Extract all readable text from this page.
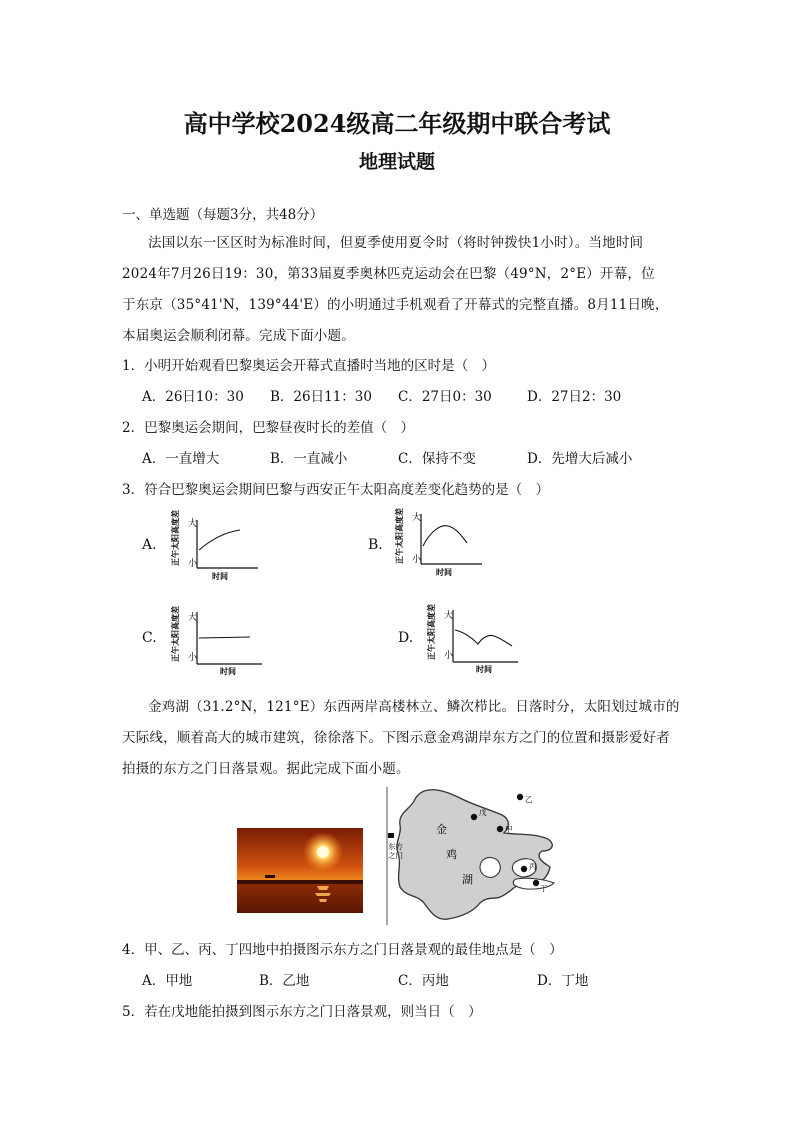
高中学校2024级高二年级期中联合考试
地理试题
一、单选题（每题3分，共48分）
法国以东一区区时为标准时间，但夏季使用夏令时（将时钟拨快1小时）。当地时间
2024年7月26日19：30，第33届夏季奥林匹克运动会在巴黎（49°N，2°E）开幕，位
于东京（35°41'N，139°44'E）的小明通过手机观看了开幕式的完整直播。8月11日晚，
本届奥运会顺利闭幕。完成下面小题。
1．小明开始观看巴黎奥运会开幕式直播时当地的区时是（　）
A．26日10：30 B．26日11：30 C．27日0：30	D．27日2：30
2．巴黎奥运会期间，巴黎昼夜时长的差值（　）
A．一直增大	B．一直减小	C．保持不变	D．先增大后减小
3．符合巴黎奥运会期间巴黎与西安正午太阳高度差变化趋势的是（　）
A.	B.
C.	D.
正午太阳高度差 大
小
时间
正午太阳高度差 大
小
时间
正午太阳高度差 大
小
时间
正午太阳高度差 大
小
时间
金鸡湖（31.2°N，121°E）东西两岸高楼林立、鳞次栉比。日落时分，太阳划过城市的
天际线，顺着高大的城市建筑，徐徐落下。下图示意金鸡湖岸东方之门的位置和摄影爱好者
拍摄的东方之门日落景观。据此完成下面小题。
东方
之门
金
鸡
湖
戊
乙
甲
丙
丁
4．甲、乙、丙、丁四地中拍摄图示东方之门日落景观的最佳地点是（　）
A．甲地	B．乙地	C．丙地	D．丁地
5．若在戊地能拍摄到图示东方之门日落景观，则当日（　）
